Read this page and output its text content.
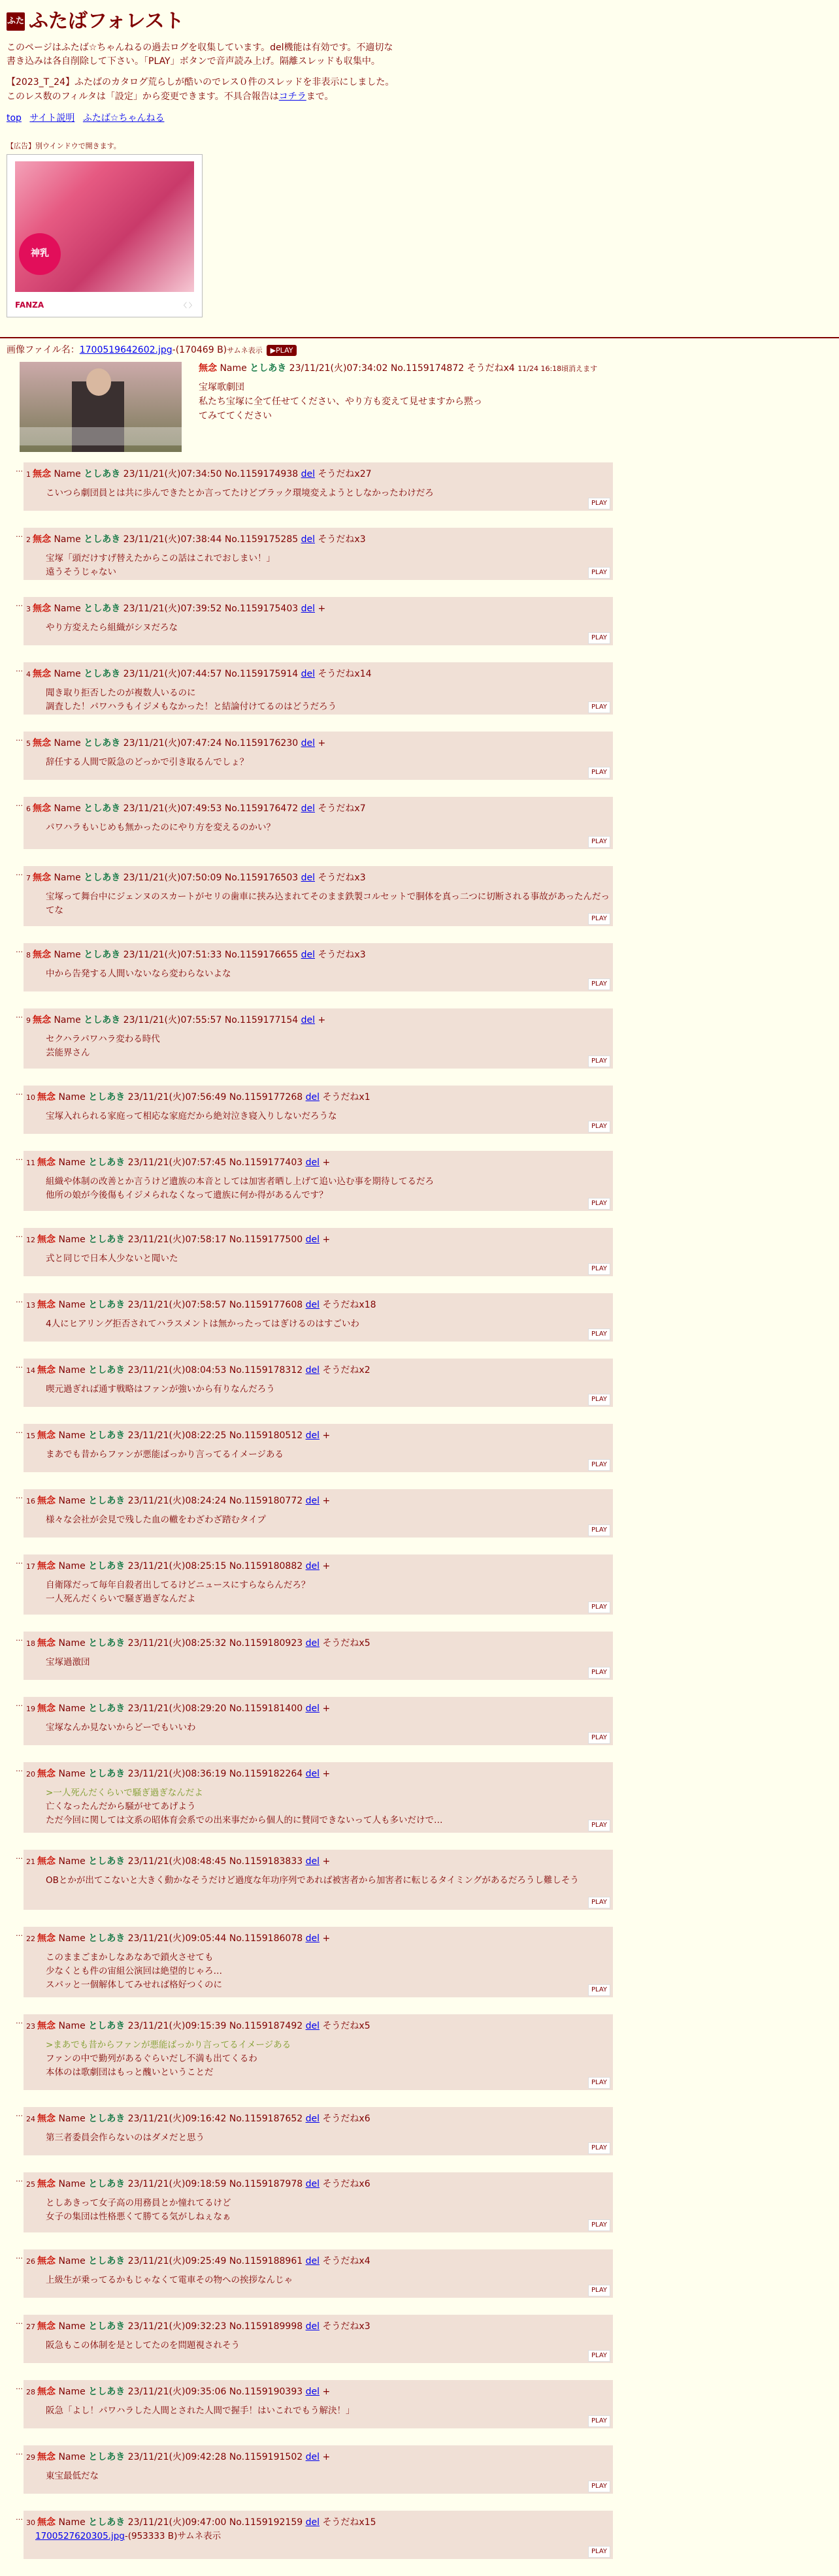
ふた ふたばフォレスト

このページはふたば☆ちゃんねるの過去ログを収集しています。del機能は有効です。不適切な書き込みは各自削除して下さい。「PLAY」ボタンで音声読み上げ。隔離スレッドも収集中。

【2023_T_24】ふたばのカタログ荒らしが酷いのでレス０件のスレッドを非表示にしました。このレス数のフィルタは「設定」から変更できます。不具合報告はコチラまで。

top サイト説明 ふたば☆ちゃんねる
【広告】別ウインドウで開きます。
神乳
FANZA	〈 〉
画像ファイル名：1700519642602.jpg-(170469 B)サムネ表示 ▶PLAY
無念 Name としあき 23/11/21(火)07:34:02 No.1159174872 そうだねx4 11/24 16:18頃消えます
宝塚歌劇団
私たち宝塚に全て任せてください、やり方も変えて見せますから黙ってみててください
…
1 無念 Name としあき 23/11/21(火)07:34:50 No.1159174938 del そうだねx27
こいつら劇団員とは共に歩んできたとか言ってたけどブラック環境変えようとしなかったわけだろ
PLAY
…
2 無念 Name としあき 23/11/21(火)07:38:44 No.1159175285 del そうだねx3
宝塚「頭だけすげ替えたからこの話はこれでおしまい！」
遠うそうじゃない	PLAY
…
3 無念 Name としあき 23/11/21(火)07:39:52 No.1159175403 del +
やり方変えたら組織がシヌだろな
PLAY
…
4 無念 Name としあき 23/11/21(火)07:44:57 No.1159175914 del そうだねx14
聞き取り拒否したのが複数人いるのに
調査した！パワハラもイジメもなかった！と結論付けてるのはどうだろう	PLAY
…
5 無念 Name としあき 23/11/21(火)07:47:24 No.1159176230 del +
辞任する人間で阪急のどっかで引き取るんでしょ？
PLAY
…
6 無念 Name としあき 23/11/21(火)07:49:53 No.1159176472 del そうだねx7
パワハラもいじめも無かったのにやり方を変えるのかい？
PLAY
…
7 無念 Name としあき 23/11/21(火)07:50:09 No.1159176503 del そうだねx3
宝塚って舞台中にジェンヌのスカートがセリの歯車に挟み込まれてそのまま鉄製コルセットで胴体を真っ二つに切断される事故があったんだってな
PLAY
…
8 無念 Name としあき 23/11/21(火)07:51:33 No.1159176655 del そうだねx3
中から告発する人間いないなら変わらないよな
PLAY
…
9 無念 Name としあき 23/11/21(火)07:55:57 No.1159177154 del +
セクハラパワハラ変わる時代
芸能界さん
PLAY
…
10 無念 Name としあき 23/11/21(火)07:56:49 No.1159177268 del そうだねx1
宝塚入れられる家庭って相応な家庭だから絶対泣き寝入りしないだろうな
PLAY
…
11 無念 Name としあき 23/11/21(火)07:57:45 No.1159177403 del +
組織や体制の改善とか言うけど遺族の本音としては加害者晒し上げて追い込む事を期待してるだろ
他所の娘が今後傷もイジメられなくなって遺族に何か得があるんです？
PLAY
…
12 無念 Name としあき 23/11/21(火)07:58:17 No.1159177500 del +
式と同じで日本人少ないと聞いた
PLAY
…
13 無念 Name としあき 23/11/21(火)07:58:57 No.1159177608 del そうだねx18
4人にヒアリング拒否されてハラスメントは無かったってはぎけるのはすごいわ
PLAY
…
14 無念 Name としあき 23/11/21(火)08:04:53 No.1159178312 del そうだねx2
喫元過ぎれば通す戦略はファンが強いから有りなんだろう
PLAY
…
15 無念 Name としあき 23/11/21(火)08:22:25 No.1159180512 del +
まあでも昔からファンが悪能ばっかり言ってるイメージある
PLAY
…
16 無念 Name としあき 23/11/21(火)08:24:24 No.1159180772 del +
様々な会社が会見で残した血の轍をわざわざ踏むタイプ
PLAY
…
17 無念 Name としあき 23/11/21(火)08:25:15 No.1159180882 del +
自衛隊だって毎年自殺者出してるけどニュースにすらならんだろ？
一人死んだくらいで騒ぎ過ぎなんだよ
PLAY
…
18 無念 Name としあき 23/11/21(火)08:25:32 No.1159180923 del そうだねx5
宝塚過激団
PLAY
…
19 無念 Name としあき 23/11/21(火)08:29:20 No.1159181400 del +
宝塚なんか見ないからどーでもいいわ
PLAY
…
20 無念 Name としあき 23/11/21(火)08:36:19 No.1159182264 del +
>一人死んだくらいで騒ぎ過ぎなんだよ
亡くなったんだから騒がせてあげよう
ただ今回に関しては文系の昭体育会系での出来事だから個人的に賛同できないって人も多いだけで…	PLAY
…
21 無念 Name としあき 23/11/21(火)08:48:45 No.1159183833 del +
OBとかが出てこないと大きく動かなそうだけど過度な年功序列であれば被害者から加害者に転じるタイミングがあるだろうし難しそう
PLAY
…
22 無念 Name としあき 23/11/21(火)09:05:44 No.1159186078 del +
このままごまかしなあなあで鎖火させても
少なくとも件の宙組公演回は絶望的じゃろ…
スパッと一個解体してみせれば格好つくのに	PLAY
…
23 無念 Name としあき 23/11/21(火)09:15:39 No.1159187492 del そうだねx5
>まあでも昔からファンが悪能ばっかり言ってるイメージある
ファンの中で勤列があるぐらいだし不満も出てくるわ
本体のは歌劇団はもっと醜いということだ
PLAY
…
24 無念 Name としあき 23/11/21(火)09:16:42 No.1159187652 del そうだねx6
第三者委員会作らないのはダメだと思う
PLAY
…
25 無念 Name としあき 23/11/21(火)09:18:59 No.1159187978 del そうだねx6
としあきって女子高の用務員とか憧れてるけど
女子の集団は性格悪くて勝てる気がしねぇなぁ
PLAY
…
26 無念 Name としあき 23/11/21(火)09:25:49 No.1159188961 del そうだねx4
上級生が乗ってるかもじゃなくて電車その物への挨拶なんじゃ
PLAY
…
27 無念 Name としあき 23/11/21(火)09:32:23 No.1159189998 del そうだねx3
阪急もこの体制を是としてたのを問題視されそう
PLAY
…
28 無念 Name としあき 23/11/21(火)09:35:06 No.1159190393 del +
阪急「よし！パワハラした人間とされた人間で握手！はいこれでもう解決！」
PLAY
…
29 無念 Name としあき 23/11/21(火)09:42:28 No.1159191502 del +
東宝最低だな
PLAY
…
30 無念 Name としあき 23/11/21(火)09:47:00 No.1159192159 del そうだねx15
1700527620305.jpg-(953333 B)サムネ表示
PLAY
